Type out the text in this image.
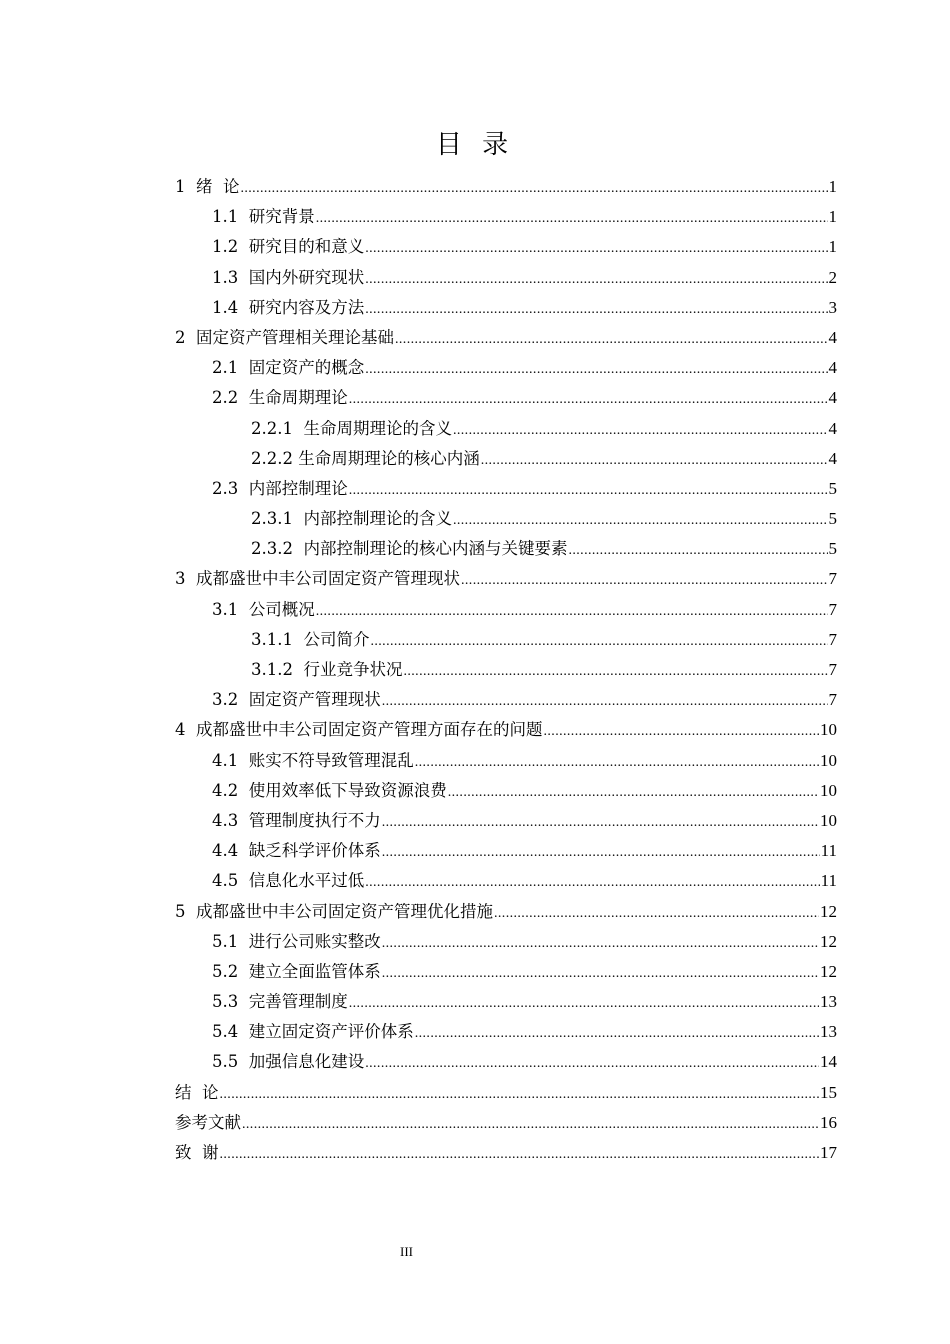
目 录
1  绪  论 .....	1
1.1  研究背景 .....	1
1.2  研究目的和意义 .....	1
1.3  国内外研究现状 .....	2
1.4  研究内容及方法 .....	3
2  固定资产管理相关理论基础 .....	4
2.1  固定资产的概念 .....	4
2.2  生命周期理论 .....	4
2.2.1  生命周期理论的含义 .....	4
2.2.2 生命周期理论的核心内涵 .....	4
2.3  内部控制理论 .....	5
2.3.1  内部控制理论的含义 .....	5
2.3.2  内部控制理论的核心内涵与关键要素 .....	5
3  成都盛世中丰公司固定资产管理现状 .....	7
3.1  公司概况 .....	7
3.1.1  公司简介 .....	7
3.1.2  行业竞争状况 .....	7
3.2  固定资产管理现状 .....	7
4  成都盛世中丰公司固定资产管理方面存在的问题 .....	10
4.1  账实不符导致管理混乱 .....	10
4.2  使用效率低下导致资源浪费 .....	10
4.3  管理制度执行不力 .....	10
4.4  缺乏科学评价体系 .....	11
4.5  信息化水平过低 .....	11
5  成都盛世中丰公司固定资产管理优化措施 .....	12
5.1  进行公司账实整改 .....	12
5.2  建立全面监管体系 .....	12
5.3  完善管理制度 .....	13
5.4  建立固定资产评价体系 .....	13
5.5  加强信息化建设 .....	14
结  论 .....	15
参考文献 .....	16
致  谢 .....	17
III
